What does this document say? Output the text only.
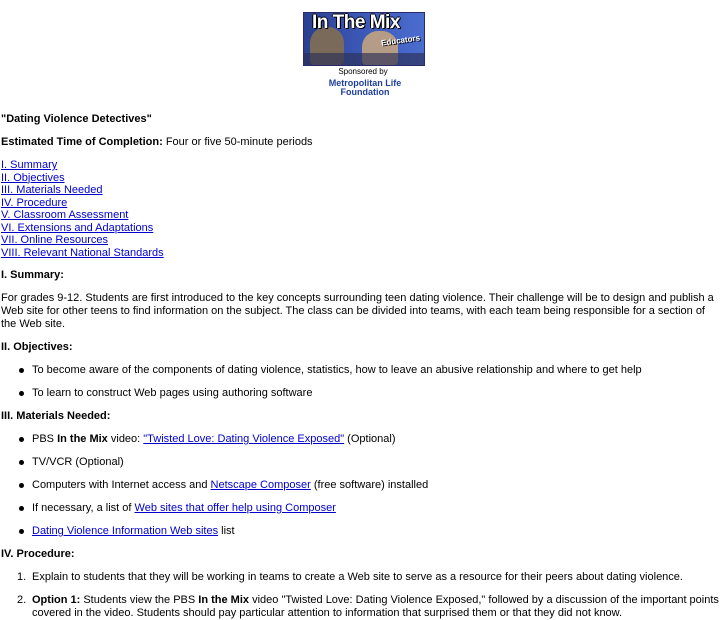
In The Mix
Educators
Sponsored by
Metropolitan Life
Foundation

"Dating Violence Detectives"

Estimated Time of Completion: Four or five 50-minute periods

I. Summary
II. Objectives
III. Materials Needed
IV. Procedure
V. Classroom Assessment
VI. Extensions and Adaptations
VII. Online Resources
VIII. Relevant National Standards

I. Summary:

For grades 9-12. Students are first introduced to the key concepts surrounding teen dating violence. Their challenge will be to design and publish a Web site for other teens to find information on the subject. The class can be divided into teams, with each team being responsible for a section of the Web site.

II. Objectives:

To become aware of the components of dating violence, statistics, how to leave an abusive relationship and where to get help
To learn to construct Web pages using authoring software

III. Materials Needed:

PBS In the Mix video: "Twisted Love: Dating Violence Exposed" (Optional)
TV/VCR (Optional)
Computers with Internet access and Netscape Composer (free software) installed
If necessary, a list of Web sites that offer help using Composer
Dating Violence Information Web sites list

IV. Procedure:

1. Explain to students that they will be working in teams to create a Web site to serve as a resource for their peers about dating violence.
2. Option 1: Students view the PBS In the Mix video "Twisted Love: Dating Violence Exposed," followed by a discussion of the important points covered in the video. Students should pay particular attention to information that surprised them or that they did not know.
